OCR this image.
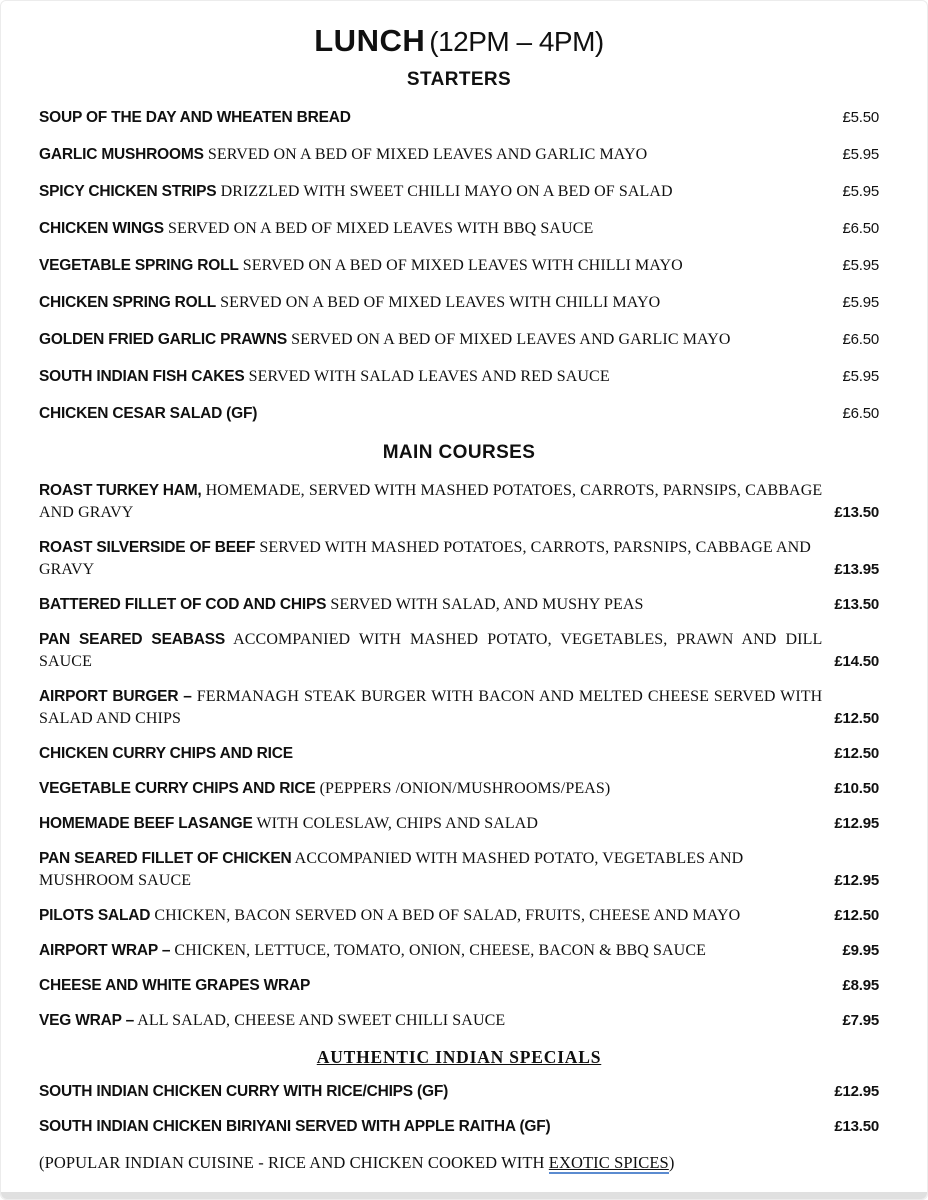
LUNCH (12PM – 4PM)
STARTERS
SOUP OF THE DAY AND WHEATEN BREAD	£5.50
GARLIC MUSHROOMS SERVED ON A BED OF MIXED LEAVES AND GARLIC MAYO	£5.95
SPICY CHICKEN STRIPS DRIZZLED WITH SWEET CHILLI MAYO ON A BED OF SALAD	£5.95
CHICKEN WINGS SERVED ON A BED OF MIXED LEAVES WITH BBQ SAUCE	£6.50
VEGETABLE SPRING ROLL SERVED ON A BED OF MIXED LEAVES WITH CHILLI MAYO	£5.95
CHICKEN SPRING ROLL SERVED ON A BED OF MIXED LEAVES WITH CHILLI MAYO	£5.95
GOLDEN FRIED GARLIC PRAWNS SERVED ON A BED OF MIXED LEAVES AND GARLIC MAYO	£6.50
SOUTH INDIAN FISH CAKES SERVED WITH SALAD LEAVES AND RED SAUCE	£5.95
CHICKEN CESAR SALAD (GF)	£6.50
MAIN COURSES
ROAST TURKEY HAM, HOMEMADE, SERVED WITH MASHED POTATOES, CARROTS, PARNSIPS, CABBAGE AND GRAVY	£13.50
ROAST SILVERSIDE OF BEEF SERVED WITH MASHED POTATOES, CARROTS, PARSNIPS, CABBAGE AND GRAVY	£13.95
BATTERED FILLET OF COD AND CHIPS SERVED WITH SALAD, AND MUSHY PEAS	£13.50
PAN SEARED SEABASS ACCOMPANIED WITH MASHED POTATO, VEGETABLES, PRAWN AND DILL SAUCE	£14.50
AIRPORT BURGER – FERMANAGH STEAK BURGER WITH BACON AND MELTED CHEESE SERVED WITH SALAD AND CHIPS	£12.50
CHICKEN CURRY CHIPS AND RICE	£12.50
VEGETABLE CURRY CHIPS AND RICE (PEPPERS /ONION/MUSHROOMS/PEAS)	£10.50
HOMEMADE BEEF LASANGE WITH COLESLAW, CHIPS AND SALAD	£12.95
PAN SEARED FILLET OF CHICKEN ACCOMPANIED WITH MASHED POTATO, VEGETABLES AND MUSHROOM SAUCE	£12.95
PILOTS SALAD CHICKEN, BACON SERVED ON A BED OF SALAD, FRUITS, CHEESE AND MAYO	£12.50
AIRPORT WRAP – CHICKEN, LETTUCE, TOMATO, ONION, CHEESE, BACON & BBQ SAUCE	£9.95
CHEESE AND WHITE GRAPES WRAP	£8.95
VEG WRAP – ALL SALAD, CHEESE AND SWEET CHILLI SAUCE	£7.95
AUTHENTIC INDIAN SPECIALS
SOUTH INDIAN CHICKEN CURRY WITH RICE/CHIPS (GF)	£12.95
SOUTH INDIAN CHICKEN BIRIYANI SERVED WITH APPLE RAITHA (GF)	£13.50
(POPULAR INDIAN CUISINE - RICE AND CHICKEN COOKED WITH EXOTIC SPICES)
